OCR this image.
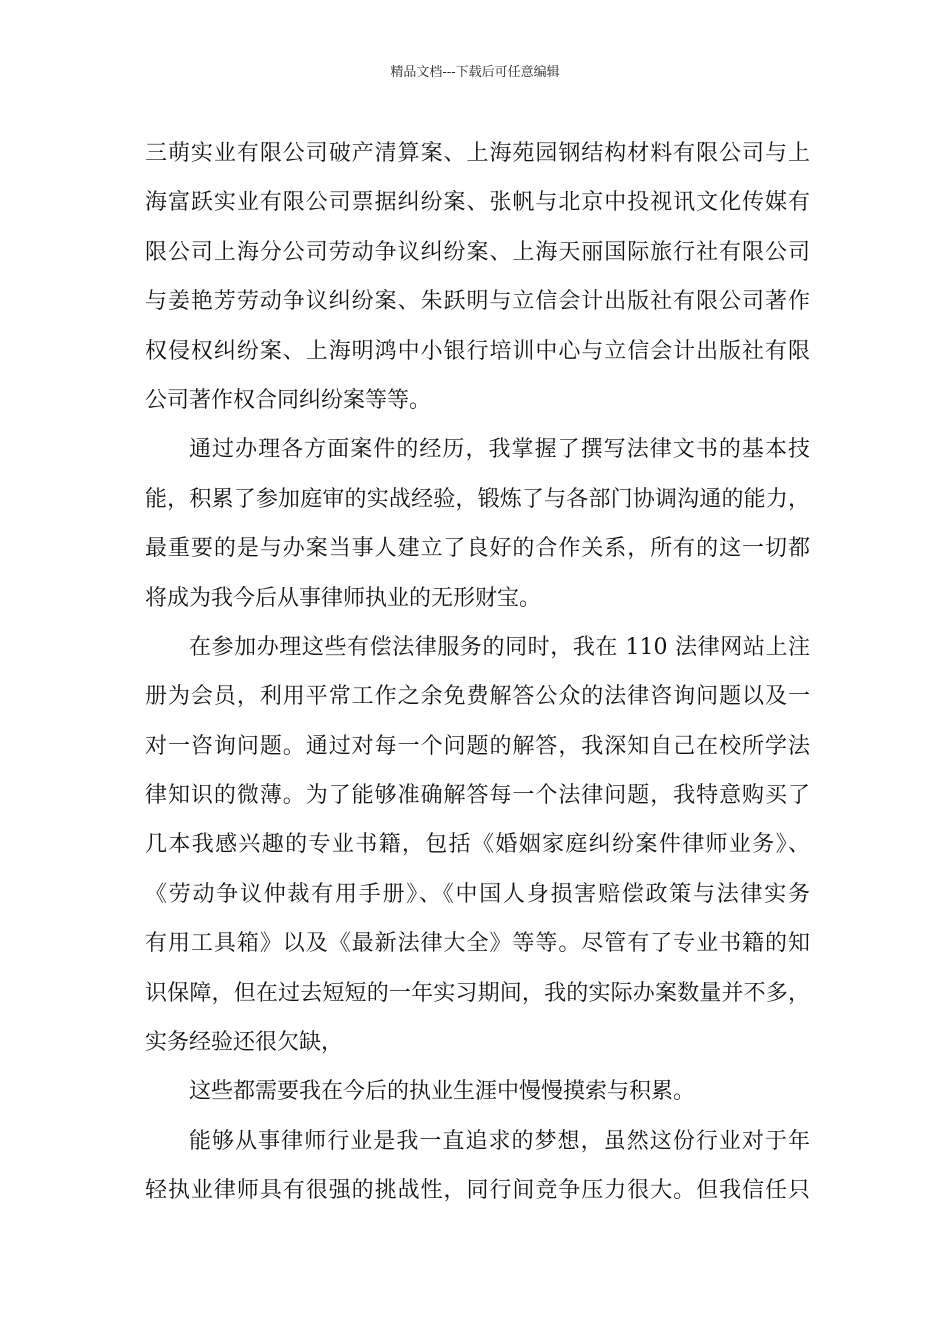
精品文档---下载后可任意编辑
三萌实业有限公司破产清算案、上海苑园钢结构材料有限公司与上
海富跃实业有限公司票据纠纷案、张帆与北京中投视讯文化传媒有
限公司上海分公司劳动争议纠纷案、上海天丽国际旅行社有限公司
与姜艳芳劳动争议纠纷案、朱跃明与立信会计出版社有限公司著作
权侵权纠纷案、上海明鸿中小银行培训中心与立信会计出版社有限
公司著作权合同纠纷案等等。
通过办理各方面案件的经历，我掌握了撰写法律文书的基本技
能，积累了参加庭审的实战经验，锻炼了与各部门协调沟通的能力，
最重要的是与办案当事人建立了良好的合作关系，所有的这一切都
将成为我今后从事律师执业的无形财宝。
在参加办理这些有偿法律服务的同时，我在 110 法律网站上注
册为会员，利用平常工作之余免费解答公众的法律咨询问题以及一
对一咨询问题。通过对每一个问题的解答，我深知自己在校所学法
律知识的微薄。为了能够准确解答每一个法律问题，我特意购买了
几本我感兴趣的专业书籍，包括《婚姻家庭纠纷案件律师业务》、
《劳动争议仲裁有用手册》、《中国人身损害赔偿政策与法律实务
有用工具箱》以及《最新法律大全》等等。尽管有了专业书籍的知
识保障，但在过去短短的一年实习期间，我的实际办案数量并不多，
实务经验还很欠缺，
这些都需要我在今后的执业生涯中慢慢摸索与积累。
能够从事律师行业是我一直追求的梦想，虽然这份行业对于年
轻执业律师具有很强的挑战性，同行间竞争压力很大。但我信任只
